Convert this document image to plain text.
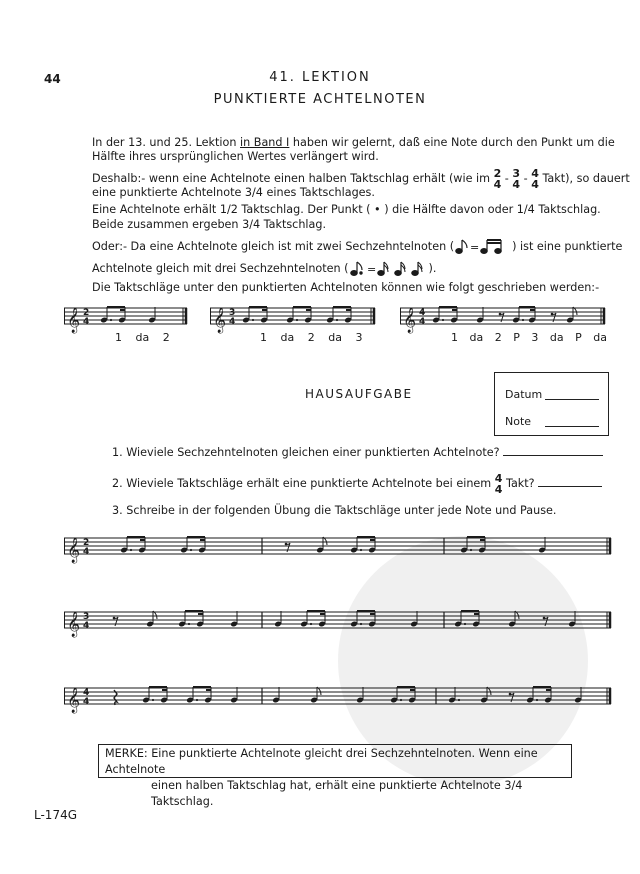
44	41. LEKTION
PUNKTIERTE ACHTELNOTEN
In der 13. und 25. Lektion in Band I haben wir gelernt, daß eine Note durch den Punkt um die
Hälfte ihres ursprünglichen Wertes verlängert wird.
Deshalb:- wenn eine Achtelnote einen halben Taktschlag erhält (wie im 2
4 - 3
4 - 4
4 Takt), so dauert
eine punktierte Achtelnote 3/4 eines Taktschlages.
Eine Achtelnote erhält 1/2 Taktschlag. Der Punkt ( • ) die Hälfte davon oder 1/4 Taktschlag.
Beide zusammen ergeben 3/4 Taktschlag.
Oder:- Da eine Achtelnote gleich ist mit zwei Sechzehntelnoten ( =	) ist eine punktierte
Achtelnote gleich mit drei Sechzehntelnoten ( =	).
Die Taktschläge unter den punktierten Achtelnoten können wie folgt geschrieben werden:-
𝄞 2
4	𝄞 3
4	𝄞 4
4
1 da 2	1 da 2 da 3	1 da 2 P 3 da P da
HAUSAUFGABE	Datum
Note
1. Wieviele Sechzehntelnoten gleichen einer punktierten Achtelnote?
2. Wieviele Taktschläge erhält eine punktierte Achtelnote bei einem 4
4 Takt?
3. Schreibe in der folgenden Übung die Taktschläge unter jede Note und Pause.
𝄞 2
4
𝄞 3
4
𝄞 4
4
MERKE: Eine punktierte Achtelnote gleicht drei Sechzehntelnoten. Wenn eine Achtelnote
einen halben Taktschlag hat, erhält eine punktierte Achtelnote 3/4 Taktschlag.
L-174G
